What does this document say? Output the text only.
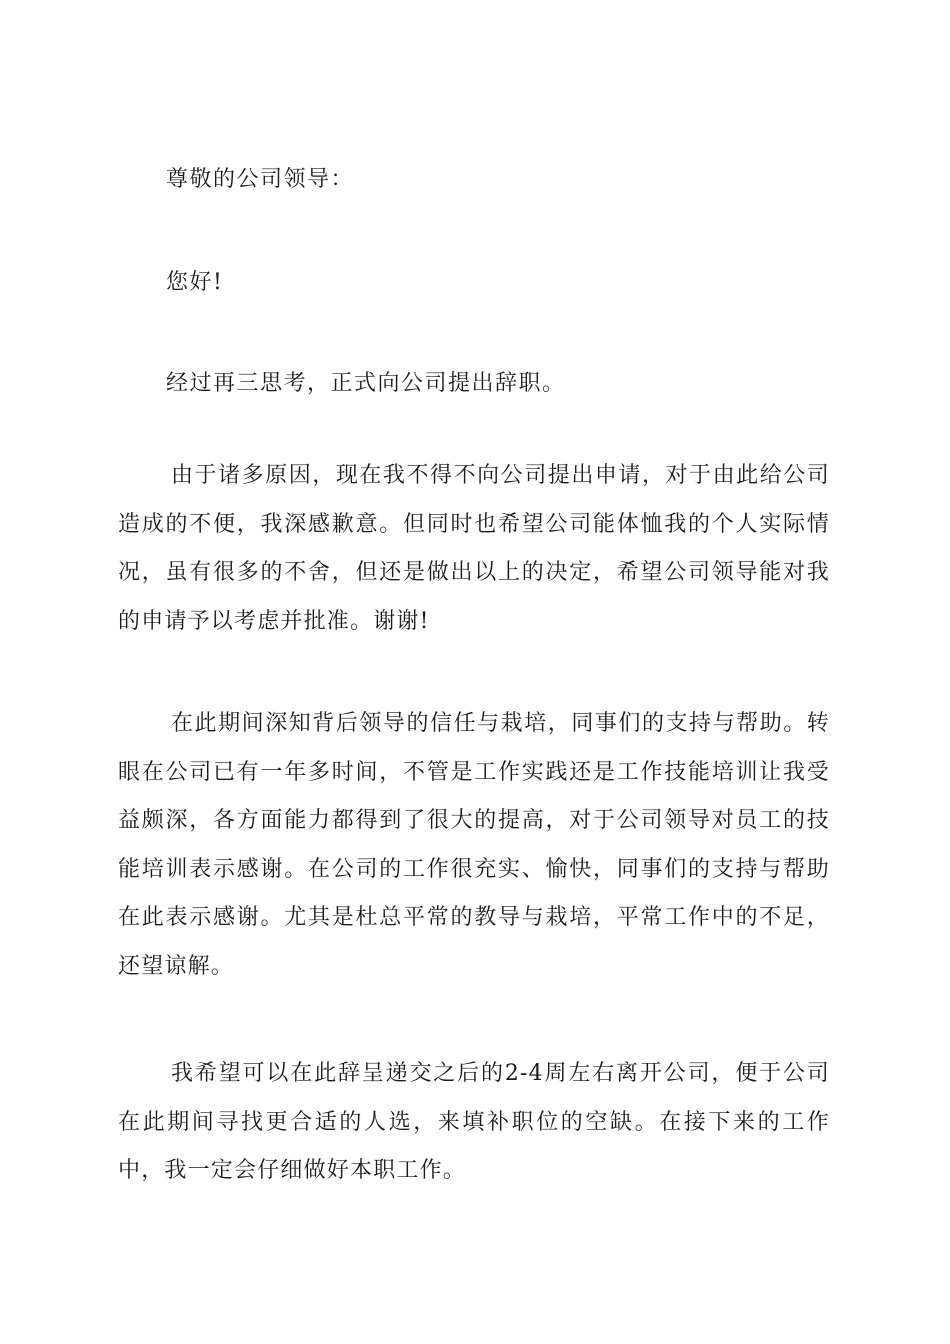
尊敬的公司领导：
您好!
经过再三思考，正式向公司提出辞职。

由于诸多原因，现在我不得不向公司提出申请，对于由此给公司造成的不便，我深感歉意。但同时也希望公司能体恤我的个人实际情况，虽有很多的不舍，但还是做出以上的决定，希望公司领导能对我的申请予以考虑并批准。谢谢!

在此期间深知背后领导的信任与栽培，同事们的支持与帮助。转眼在公司已有一年多时间，不管是工作实践还是工作技能培训让我受益颇深，各方面能力都得到了很大的提高，对于公司领导对员工的技能培训表示感谢。在公司的工作很充实、愉快，同事们的支持与帮助在此表示感谢。尤其是杜总平常的教导与栽培，平常工作中的不足，还望谅解。

我希望可以在此辞呈递交之后的2-4周左右离开公司，便于公司在此期间寻找更合适的人选，来填补职位的空缺。在接下来的工作中，我一定会仔细做好本职工作。
